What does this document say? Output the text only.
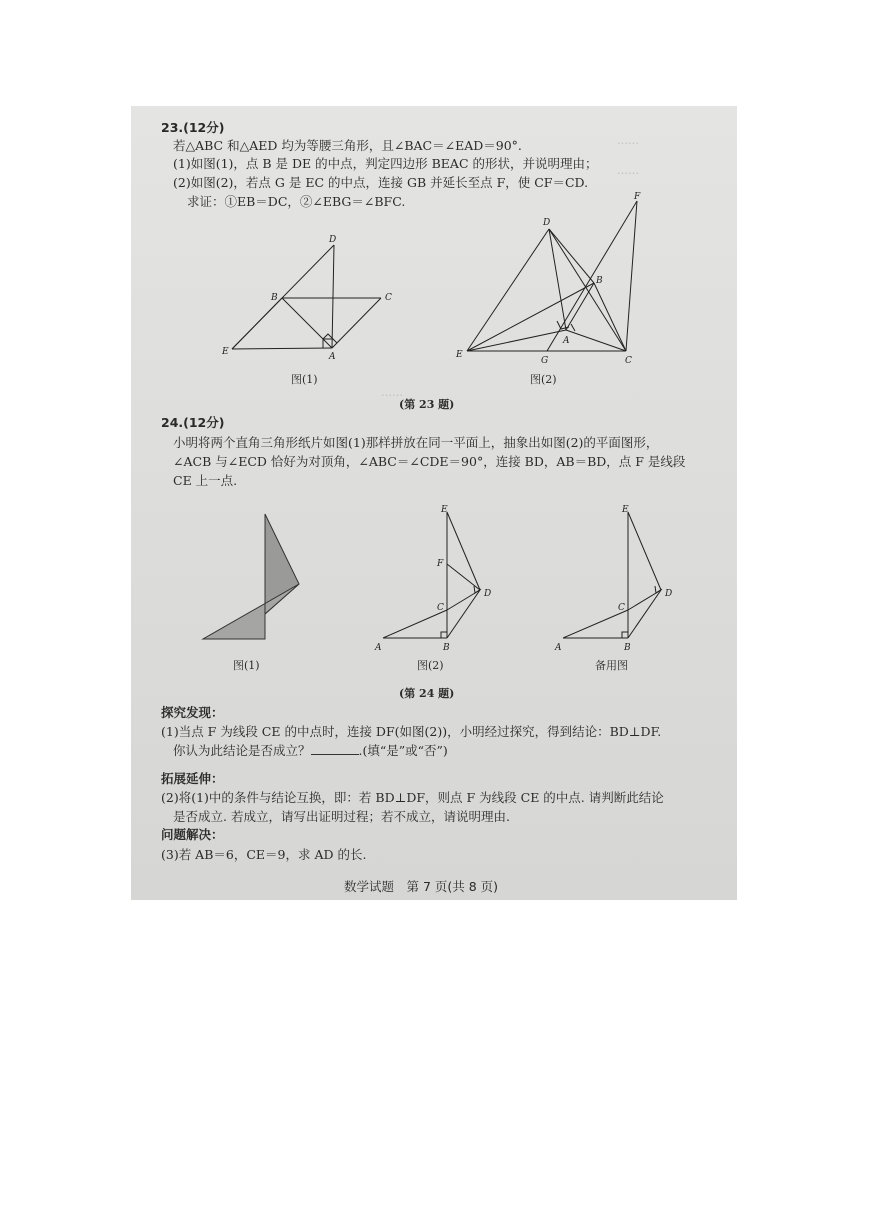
……
……
……
23.(12分)
若△ABC 和△AED 均为等腰三角形，且∠BAC＝∠EAD＝90°.
(1)如图(1)，点 B 是 DE 的中点，判定四边形 BEAC 的形状，并说明理由；
(2)如图(2)，若点 G 是 EC 的中点，连接 GB 并延长至点 F，使 CF＝CD.
求证：①EB＝DC，②∠EBG＝∠BFC.
D
B	C
E	A
图(1)
D
F
B
E
G
A
C
图(2)
(第 23 题)
24.(12分)
小明将两个直角三角形纸片如图(1)那样拼放在同一平面上，抽象出如图(2)的平面图形，
∠ACB 与∠ECD 恰好为对顶角，∠ABC＝∠CDE＝90°，连接 BD，AB＝BD，点 F 是线段
CE 上一点.
图(1)
E
F
C
D
A	B
图(2)
E
C
D
A	B
备用图
(第 24 题)
探究发现：
(1)当点 F 为线段 CE 的中点时，连接 DF(如图(2))，小明经过探究，得到结论：BD⊥DF.
你认为此结论是否成立？	.(填“是”或“否”)
拓展延伸：
(2)将(1)中的条件与结论互换，即：若 BD⊥DF，则点 F 为线段 CE 的中点. 请判断此结论
是否成立. 若成立，请写出证明过程；若不成立，请说明理由.
问题解决：
(3)若 AB＝6，CE＝9，求 AD 的长.
数学试题　第 7 页(共 8 页)
